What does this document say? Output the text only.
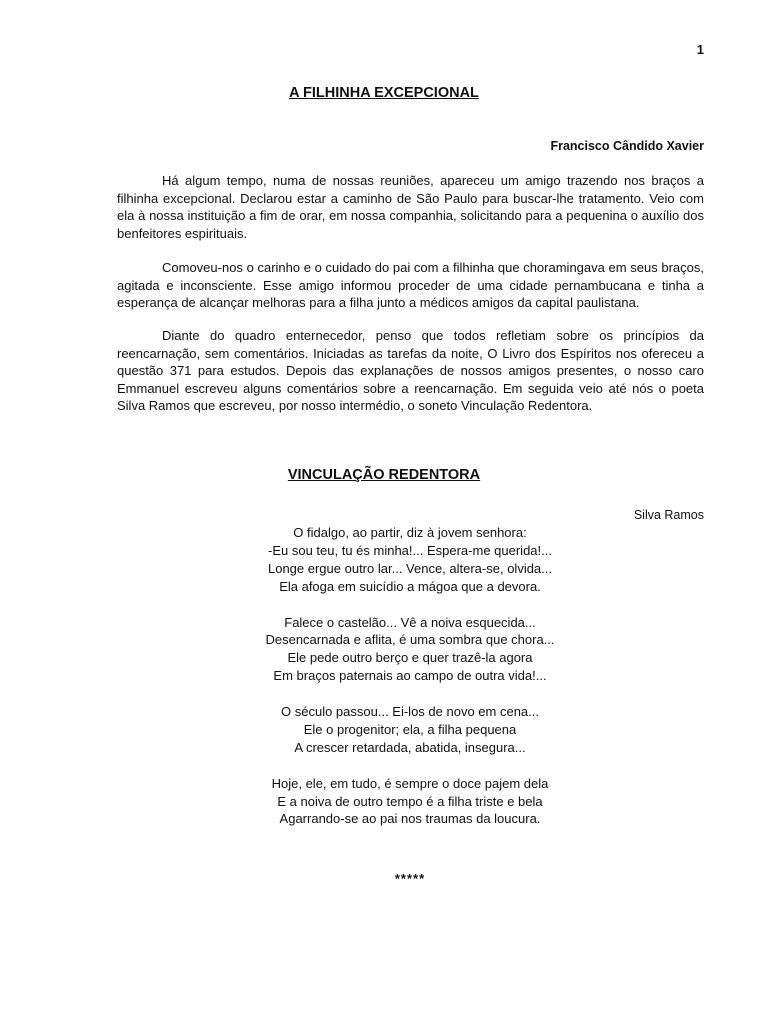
1
A FILHINHA EXCEPCIONAL
Francisco Cândido Xavier

Há algum tempo, numa de nossas reuniões, apareceu um amigo trazendo nos braços a filhinha excepcional. Declarou estar a caminho de São Paulo para buscar-lhe tratamento. Veio com ela à nossa instituição a fim de orar, em nossa companhia, solicitando para a pequenina o auxílio dos benfeitores espirituais.

Comoveu-nos o carinho e o cuidado do pai com a filhinha que choramingava em seus braços, agitada e inconsciente. Esse amigo informou proceder de uma cidade pernambucana e tinha a esperança de alcançar melhoras para a filha junto a médicos amigos da capital paulistana.

Diante do quadro enternecedor, penso que todos refletiam sobre os princípios da reencarnação, sem comentários. Iniciadas as tarefas da noite, O Livro dos Espíritos nos ofereceu a questão 371 para estudos. Depois das explanações de nossos amigos presentes, o nosso caro Emmanuel escreveu alguns comentários sobre a reencarnação. Em seguida veio até nós o poeta Silva Ramos que escreveu, por nosso intermédio, o soneto Vinculação Redentora.

VINCULAÇÃO REDENTORA
Silva Ramos
O fidalgo, ao partir, diz à jovem senhora:
-Eu sou teu, tu és minha!... Espera-me querida!...
Longe ergue outro lar... Vence, altera-se, olvida...
Ela afoga em suicídio a mágoa que a devora.
Falece o castelão... Vê a noiva esquecida...
Desencarnada e aflita, é uma sombra que chora...
Ele pede outro berço e quer trazê-la agora
Em braços paternais ao campo de outra vida!...
O século passou... Ei-los de novo em cena...
Ele o progenitor; ela, a filha pequena
A crescer retardada, abatida, insegura...
Hoje, ele, em tudo, é sempre o doce pajem dela
E a noiva de outro tempo é a filha triste e bela
Agarrando-se ao pai nos traumas da loucura.
*****
